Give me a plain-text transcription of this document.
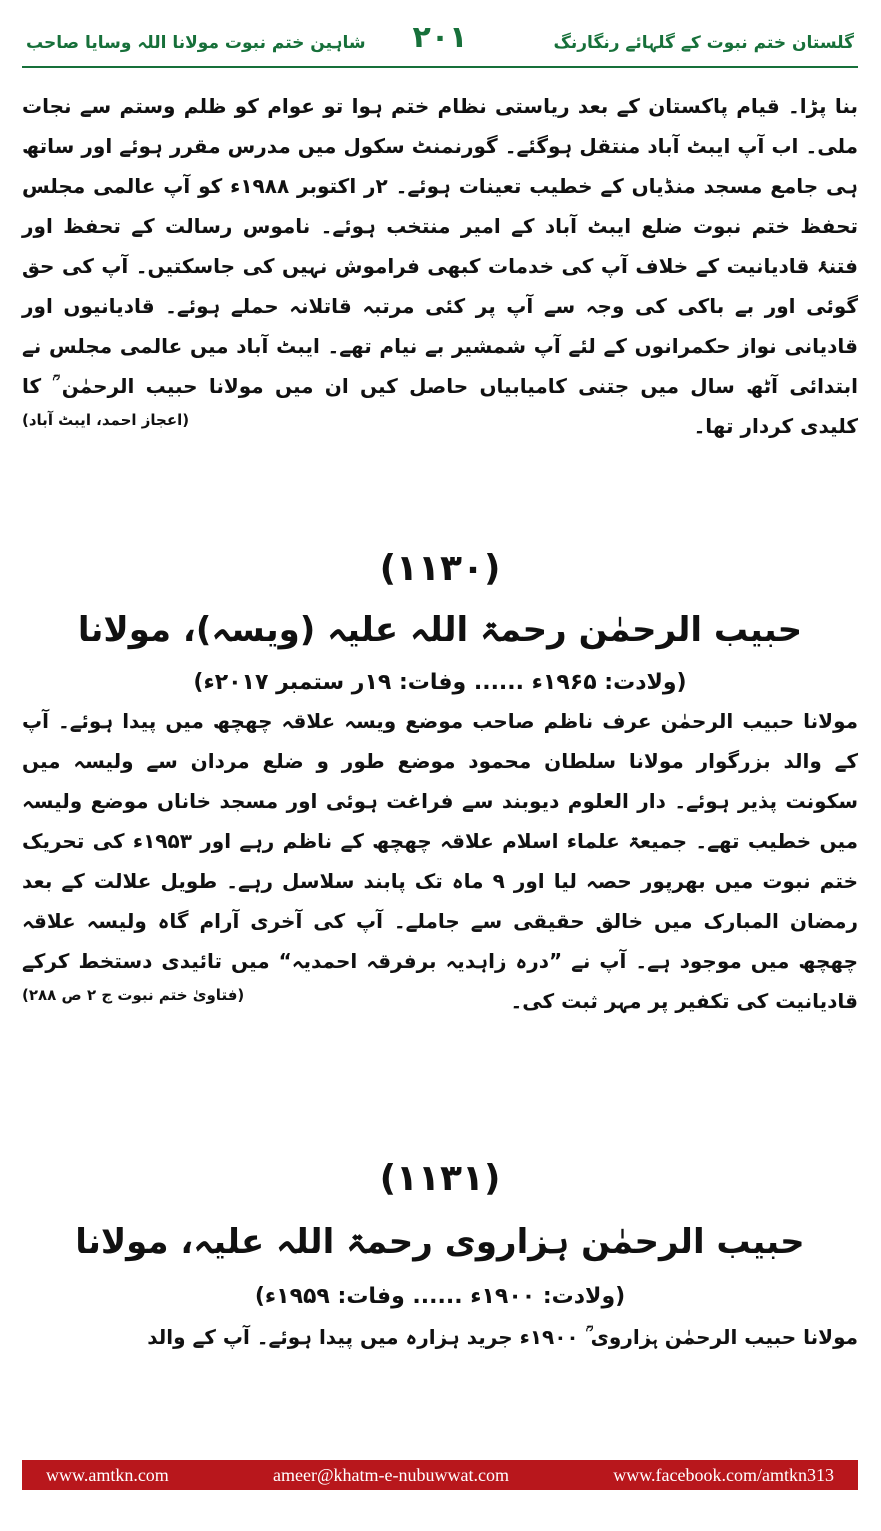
گلستان ختم نبوت کے گلہائے رنگارنگ
۲۰۱
شاہین ختم نبوت مولانا اللہ وسایا صاحب

بنا پڑا۔ قیام پاکستان کے بعد ریاستی نظام ختم ہوا تو عوام کو ظلم وستم سے نجات ملی۔ اب آپ ایبٹ آباد منتقل ہوگئے۔ گورنمنٹ سکول میں مدرس مقرر ہوئے اور ساتھ ہی جامع مسجد منڈیاں کے خطیب تعینات ہوئے۔ ۲ر اکتوبر ۱۹۸۸ء کو آپ عالمی مجلس تحفظ ختم نبوت ضلع ایبٹ آباد کے امیر منتخب ہوئے۔ ناموس رسالت کے تحفظ اور فتنۂ قادیانیت کے خلاف آپ کی خدمات کبھی فراموش نہیں کی جاسکتیں۔ آپ کی حق گوئی اور بے باکی کی وجہ سے آپ پر کئی مرتبہ قاتلانہ حملے ہوئے۔ قادیانیوں اور قادیانی نواز حکمرانوں کے لئے آپ شمشیر بے نیام تھے۔ ایبٹ آباد میں عالمی مجلس نے ابتدائی آٹھ سال میں جتنی کامیابیاں حاصل کیں ان میں مولانا حبیب الرحمٰن ؒ کا کلیدی کردار تھا۔

(اعجاز احمد، ایبٹ آباد)

(۱۱۳۰)

حبیب الرحمٰن رحمۃ اللہ علیہ (ویسہ)، مولانا

(ولادت: ۱۹۶۵ء ...... وفات: ۱۹ر ستمبر ۲۰۱۷ء)

مولانا حبیب الرحمٰن عرف ناظم صاحب موضع ویسہ علاقہ چھچھ میں پیدا ہوئے۔ آپ کے والد بزرگوار مولانا سلطان محمود موضع طور و ضلع مردان سے ولیسہ میں سکونت پذیر ہوئے۔ دار العلوم دیوبند سے فراغت ہوئی اور مسجد خاناں موضع ولیسہ میں خطیب تھے۔ جمیعۃ علماء اسلام علاقہ چھچھ کے ناظم رہے اور ۱۹۵۳ء کی تحریک ختم نبوت میں بھرپور حصہ لیا اور ۹ ماہ تک پابند سلاسل رہے۔ طویل علالت کے بعد رمضان المبارک میں خالق حقیقی سے جاملے۔ آپ کی آخری آرام گاہ ولیسہ علاقہ چھچھ میں موجود ہے۔ آپ نے ”درہ زاہدیہ برفرقہ احمدیہ“ میں تائیدی دستخط کرکے قادیانیت کی تکفیر پر مہر ثبت کی۔

(فتاویٰ ختم نبوت ج ۲ ص ۲۸۸)

(۱۱۳۱)

حبیب الرحمٰن ہزاروی رحمۃ اللہ علیہ، مولانا

(ولادت: ۱۹۰۰ء ...... وفات: ۱۹۵۹ء)

مولانا حبیب الرحمٰن ہزاروی ؒ ۱۹۰۰ء جرید ہزارہ میں پیدا ہوئے۔ آپ کے والد

www.amtkn.com	ameer@khatm-e-nubuwwat.com	www.facebook.com/amtkn313
